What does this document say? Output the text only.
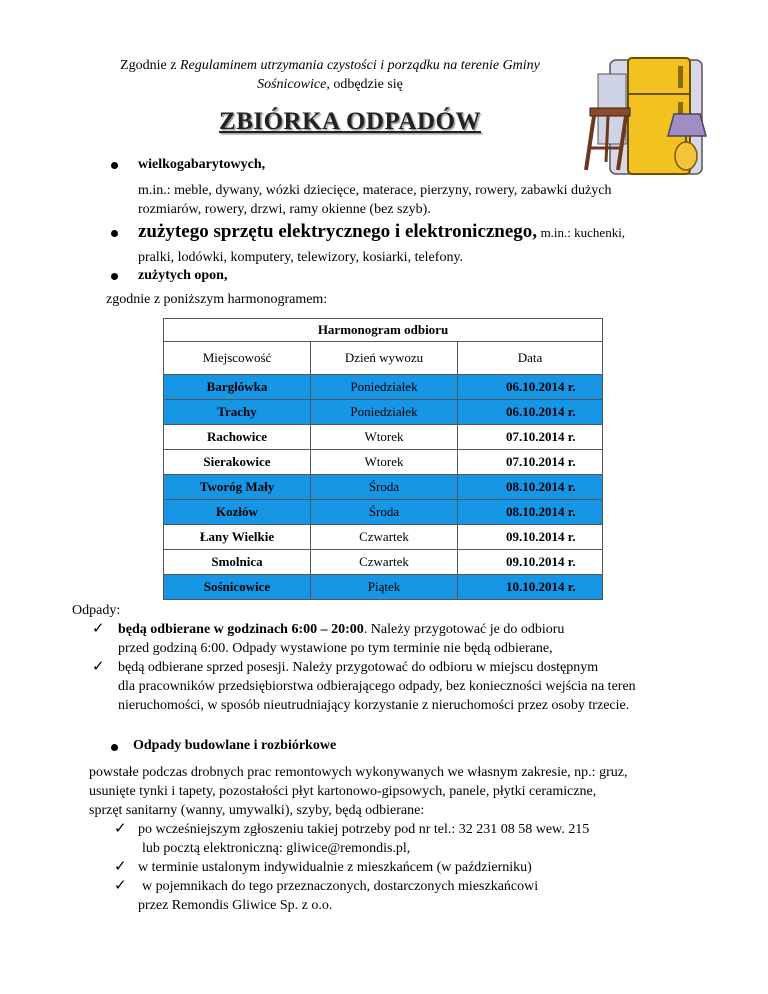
Zgodnie z Regulaminem utrzymania czystości i porządku na terenie Gminy
Sośnicowice, odbędzie się
ZBIÓRKA ODPADÓW
wielkogabarytowych,
m.in.: meble, dywany, wózki dziecięce, materace, pierzyny, rowery, zabawki dużych
rozmiarów, rowery, drzwi, ramy okienne (bez szyb).
zużytego sprzętu elektrycznego i elektronicznego, m.in.: kuchenki,
pralki, lodówki, komputery, telewizory, kosiarki, telefony.
zużytych opon,
zgodnie z poniższym harmonogramem:
Harmonogram odbioru		
Miejscowość	Dzień wywozu	Data
Bargłówka	Poniedziałek	06.10.2014 r.
Trachy	Poniedziałek	06.10.2014 r.
Rachowice	Wtorek	07.10.2014 r.
Sierakowice	Wtorek	07.10.2014 r.
Tworóg Mały	Środa	08.10.2014 r.
Kozłów	Środa	08.10.2014 r.
Łany Wielkie	Czwartek	09.10.2014 r.
Smolnica	Czwartek	09.10.2014 r.
Sośnicowice	Piątek	10.10.2014 r.
Odpady:
✓ będą odbierane w godzinach 6:00 – 20:00. Należy przygotować je do odbioru
przed godziną 6:00. Odpady wystawione po tym terminie nie będą odbierane,
✓ będą odbierane sprzed posesji. Należy przygotować do odbioru w miejscu dostępnym
dla pracowników przedsiębiorstwa odbierającego odpady, bez konieczności wejścia na teren
nieruchomości, w sposób nieutrudniający korzystanie z nieruchomości przez osoby trzecie.
Odpady budowlane i rozbiórkowe
powstałe podczas drobnych prac remontowych wykonywanych we własnym zakresie, np.: gruz,
usunięte tynki i tapety, pozostałości płyt kartonowo-gipsowych, panele, płytki ceramiczne,
sprzęt sanitarny (wanny, umywalki), szyby, będą odbierane:
✓ po wcześniejszym zgłoszeniu takiej potrzeby pod nr tel.: 32 231 08 58 wew. 215
lub pocztą elektroniczną: gliwice@remondis.pl,
✓ w terminie ustalonym indywidualnie z mieszkańcem (w październiku)
✓ w pojemnikach do tego przeznaczonych, dostarczonych mieszkańcowi
przez Remondis Gliwice Sp. z o.o.
